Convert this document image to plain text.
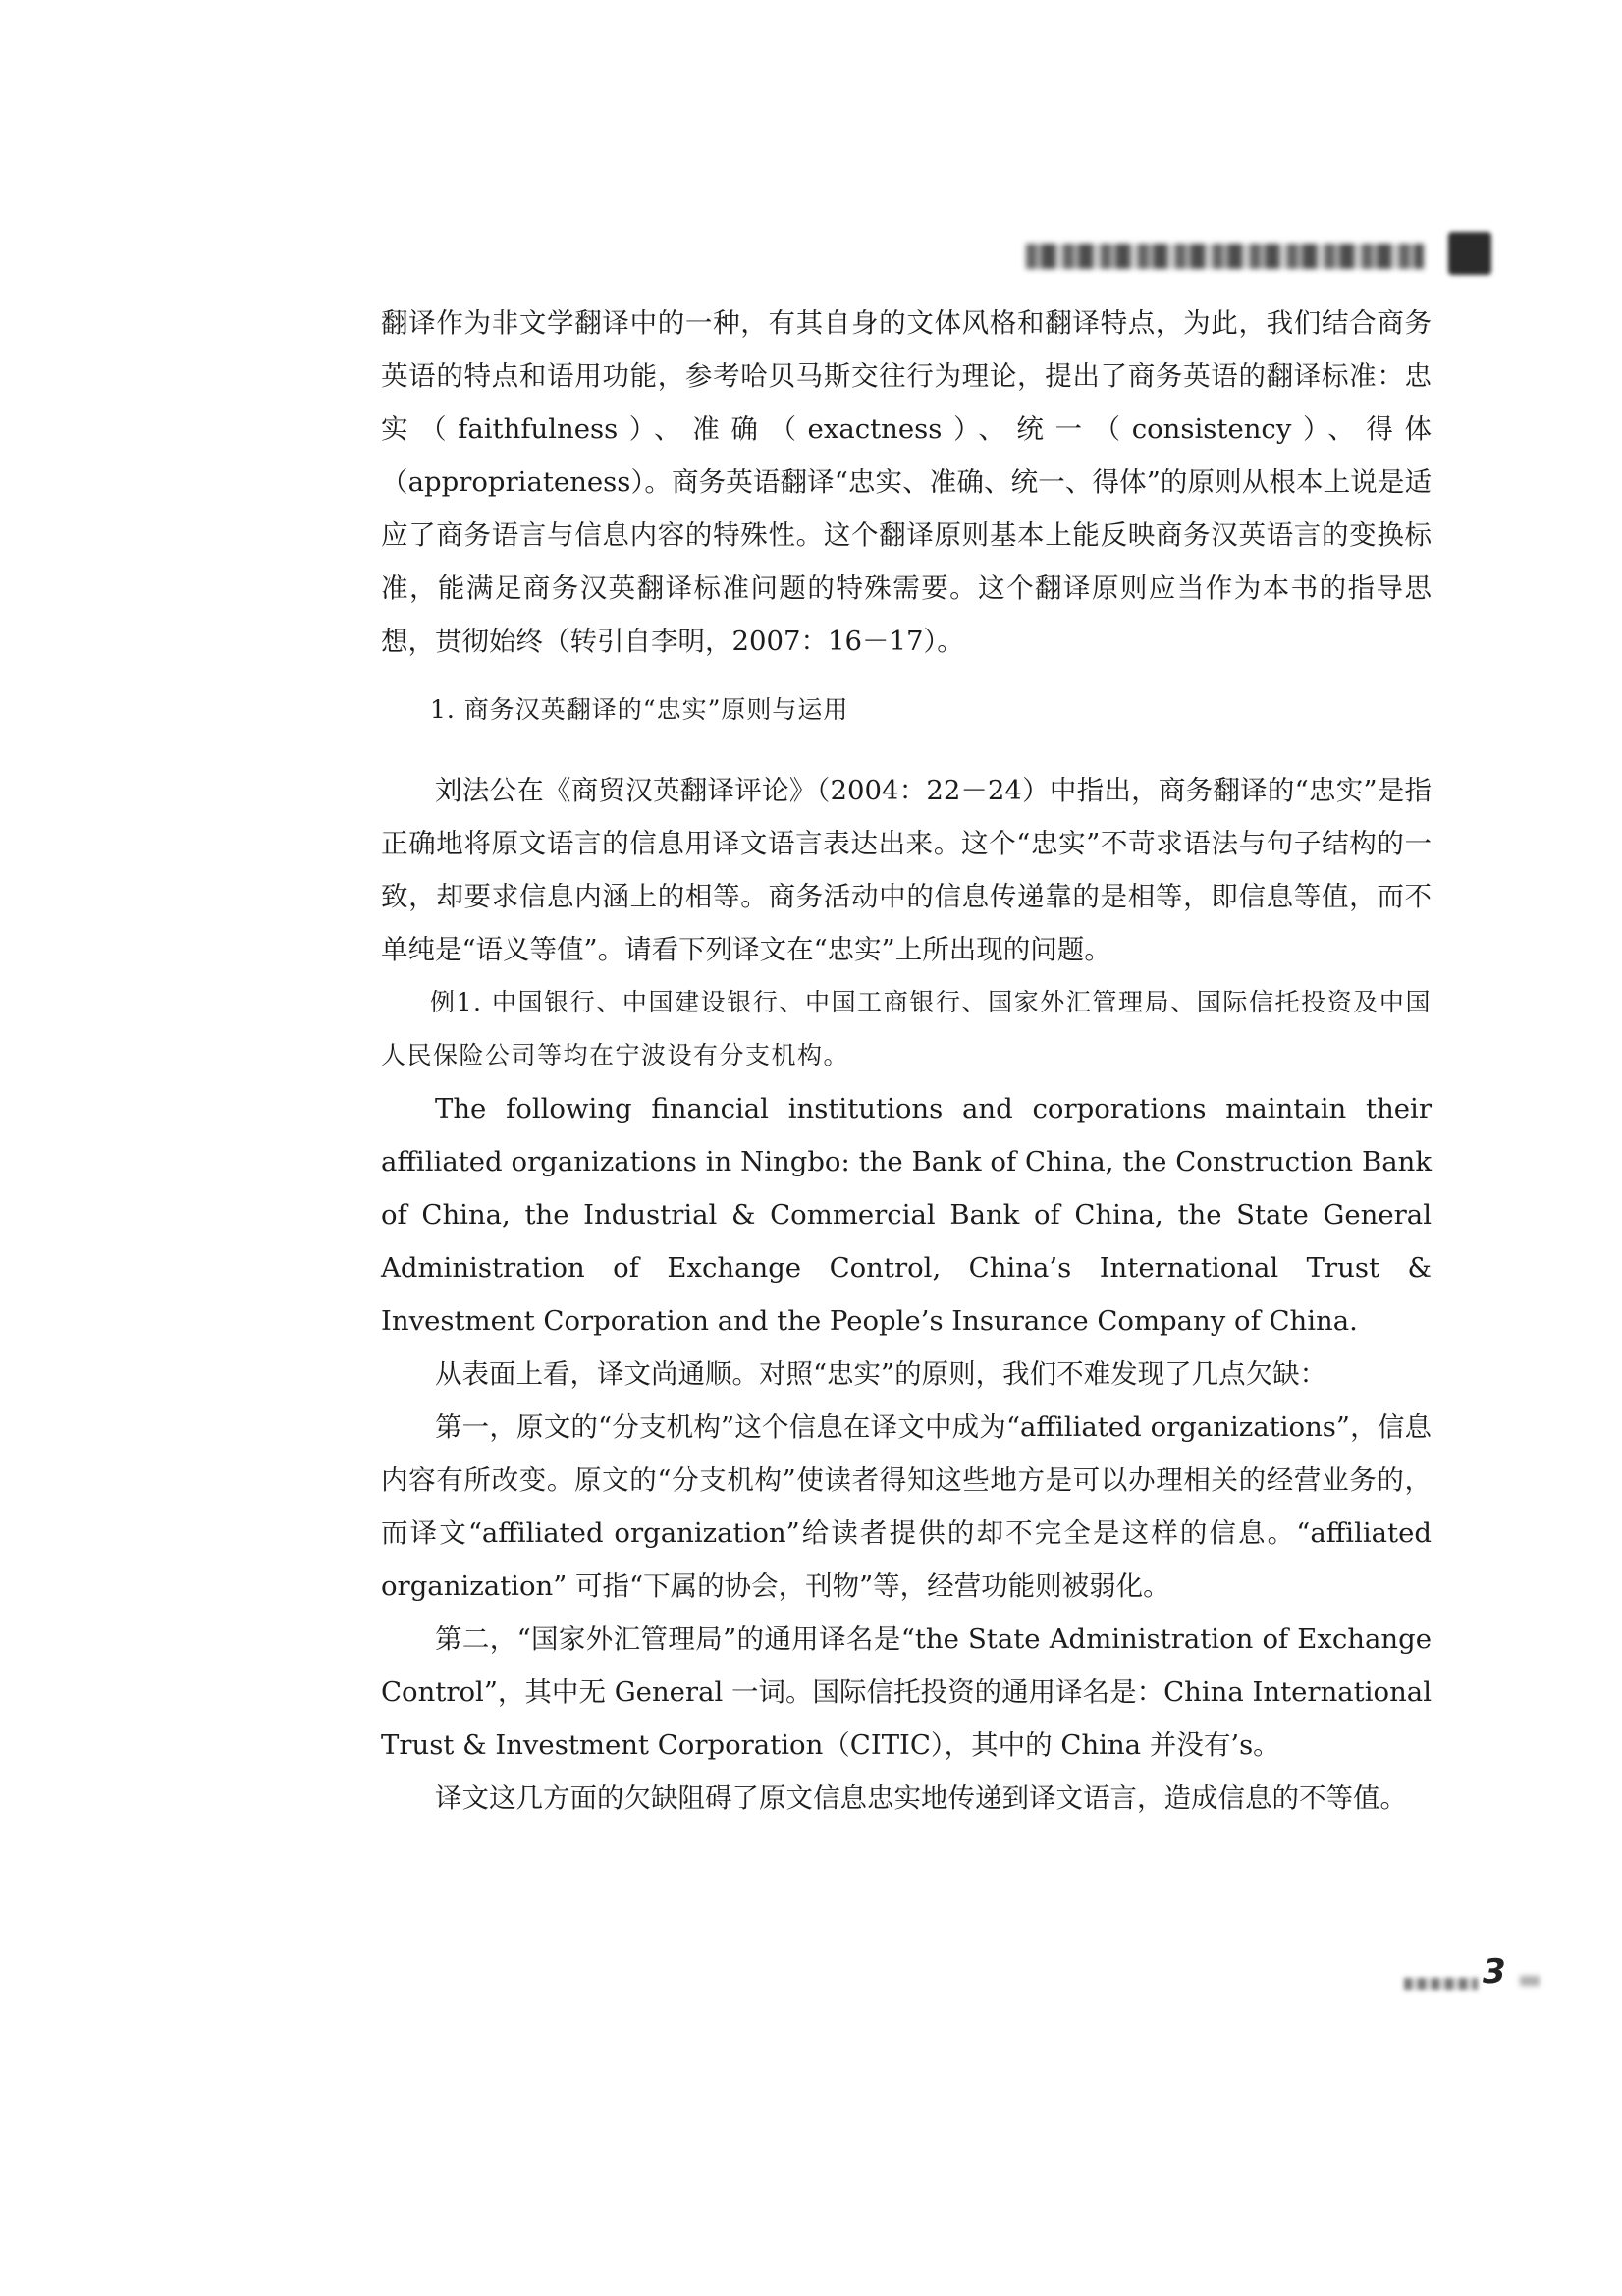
翻译作为非文学翻译中的一种，有其自身的文体风格和翻译特点，为此，我们结合商务英语的特点和语用功能，参考哈贝马斯交往行为理论，提出了商务英语的翻译标准：忠实（faithfulness）、准确（exactness）、统一（consistency）、得体（appropriateness）。商务英语翻译“忠实、准确、统一、得体”的原则从根本上说是适应了商务语言与信息内容的特殊性。这个翻译原则基本上能反映商务汉英语言的变换标准，能满足商务汉英翻译标准问题的特殊需要。这个翻译原则应当作为本书的指导思想，贯彻始终（转引自李明，2007：16－17）。

1. 商务汉英翻译的“忠实”原则与运用

刘法公在《商贸汉英翻译评论》（2004：22－24）中指出，商务翻译的“忠实”是指正确地将原文语言的信息用译文语言表达出来。这个“忠实”不苛求语法与句子结构的一致，却要求信息内涵上的相等。商务活动中的信息传递靠的是相等，即信息等值，而不单纯是“语义等值”。请看下列译文在“忠实”上所出现的问题。

例1. 中国银行、中国建设银行、中国工商银行、国家外汇管理局、国际信托投资及中国人民保险公司等均在宁波设有分支机构。

The following financial institutions and corporations maintain their affiliated organizations in Ningbo: the Bank of China, the Construction Bank of China, the Industrial & Commercial Bank of China, the State General Administration of Exchange Control, China’s International Trust & Investment Corporation and the People’s Insurance Company of China.

从表面上看，译文尚通顺。对照“忠实”的原则，我们不难发现了几点欠缺：

第一，原文的“分支机构”这个信息在译文中成为“affiliated organizations”，信息内容有所改变。原文的“分支机构”使读者得知这些地方是可以办理相关的经营业务的，而译文“affiliated organization”给读者提供的却不完全是这样的信息。“affiliated organization” 可指“下属的协会，刊物”等，经营功能则被弱化。

第二，“国家外汇管理局”的通用译名是“the State Administration of Exchange Control”，其中无 General 一词。国际信托投资的通用译名是：China International Trust & Investment Corporation（CITIC），其中的 China 并没有’s。

译文这几方面的欠缺阻碍了原文信息忠实地传递到译文语言，造成信息的不等值。

3
